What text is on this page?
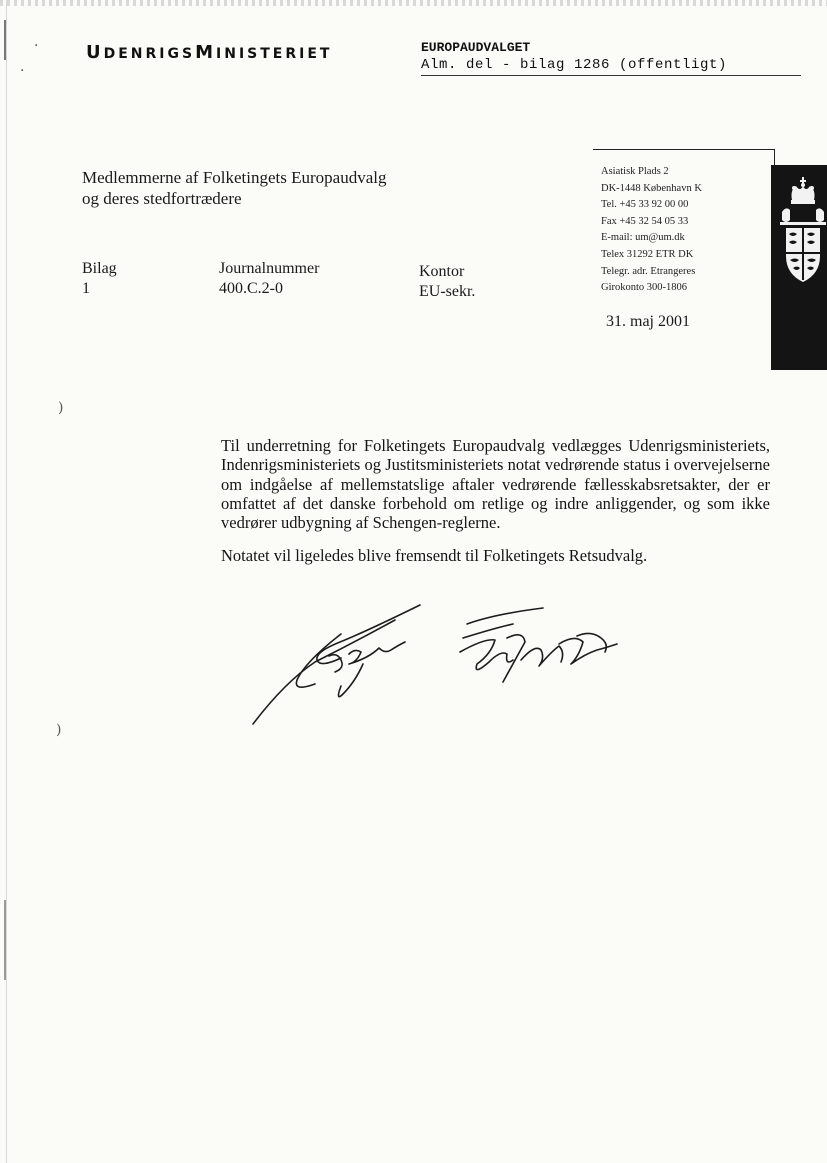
·
·
)
)
UDENRIGSMINISTERIET	EUROPAUDVALGET
Alm. del - bilag 1286 (offentligt)
Medlemmerne af Folketingets Europaudvalg
og deres stedfortrædere
Asiatisk Plads 2
DK-1448 København K
Tel. +45 33 92 00 00
Fax +45 32 54 05 33
E-mail: um@um.dk
Telex 31292 ETR DK
Telegr. adr. Etrangeres
Girokonto 300-1806
Bilag
1
Journalnummer
400.C.2-0
Kontor
EU-sekr.
31. maj 2001

Til underretning for Folketingets Europaudvalg vedlægges Udenrigsministeriets, Indenrigsministeriets og Justitsministeriets notat vedrørende status i overvejelserne om indgåelse af mellemstatslige aftaler vedrørende fællesskabsretsakter, der er omfattet af det danske forbehold om retlige og indre anliggender, og som ikke vedrører udbygning af Schengen-reglerne.

Notatet vil ligeledes blive fremsendt til Folketingets Retsudvalg.
